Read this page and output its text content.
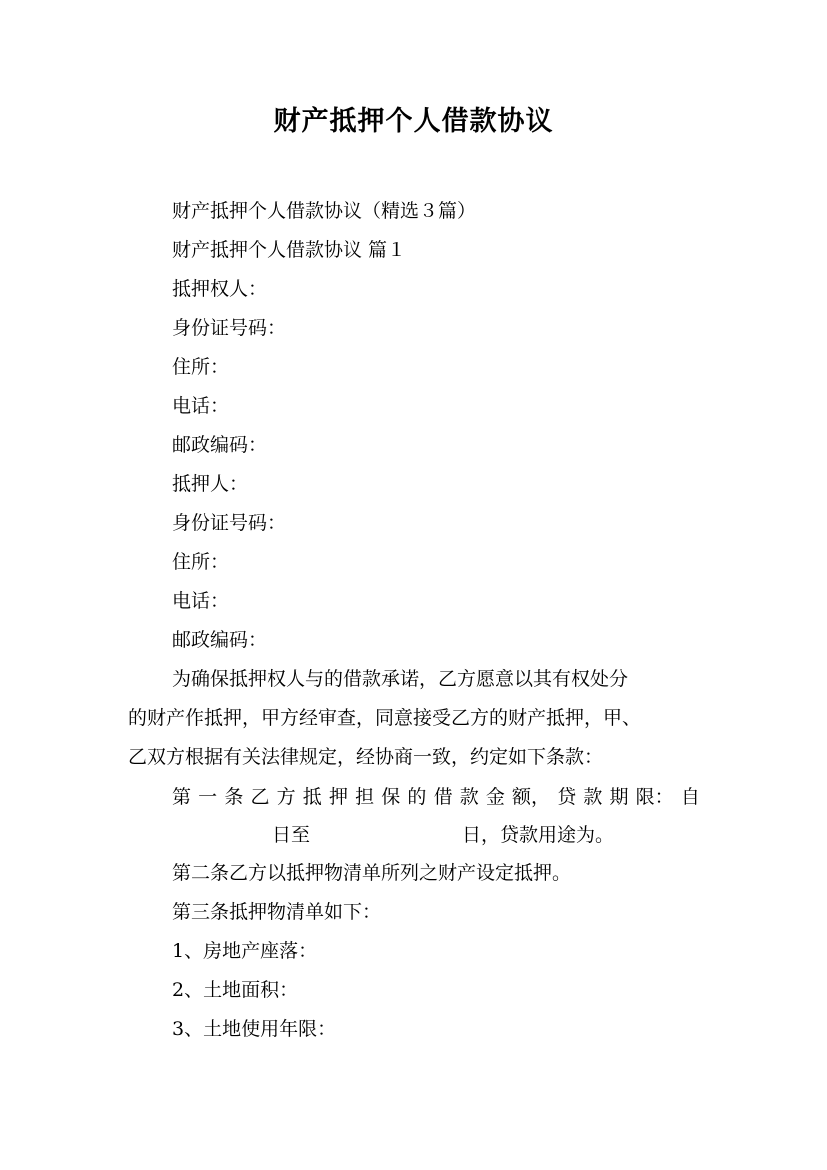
财产抵押个人借款协议
财产抵押个人借款协议（精选３篇）
财产抵押个人借款协议 篇１
抵押权人：
身份证号码：
住所：
电话：
邮政编码：
抵押人：
身份证号码：
住所：
电话：
邮政编码：
为确保抵押权人与的借款承诺，乙方愿意以其有权处分
的财产作抵押，甲方经审查，同意接受乙方的财产抵押，甲、
乙双方根据有关法律规定，经协商一致，约定如下条款：
第 一 条 乙 方 抵 押 担 保 的 借 款 金 额， 贷 款 期 限： 自
日至	日，贷款用途为。
第二条乙方以抵押物清单所列之财产设定抵押。
第三条抵押物清单如下：
1、房地产座落：
2、土地面积：
3、土地使用年限：
